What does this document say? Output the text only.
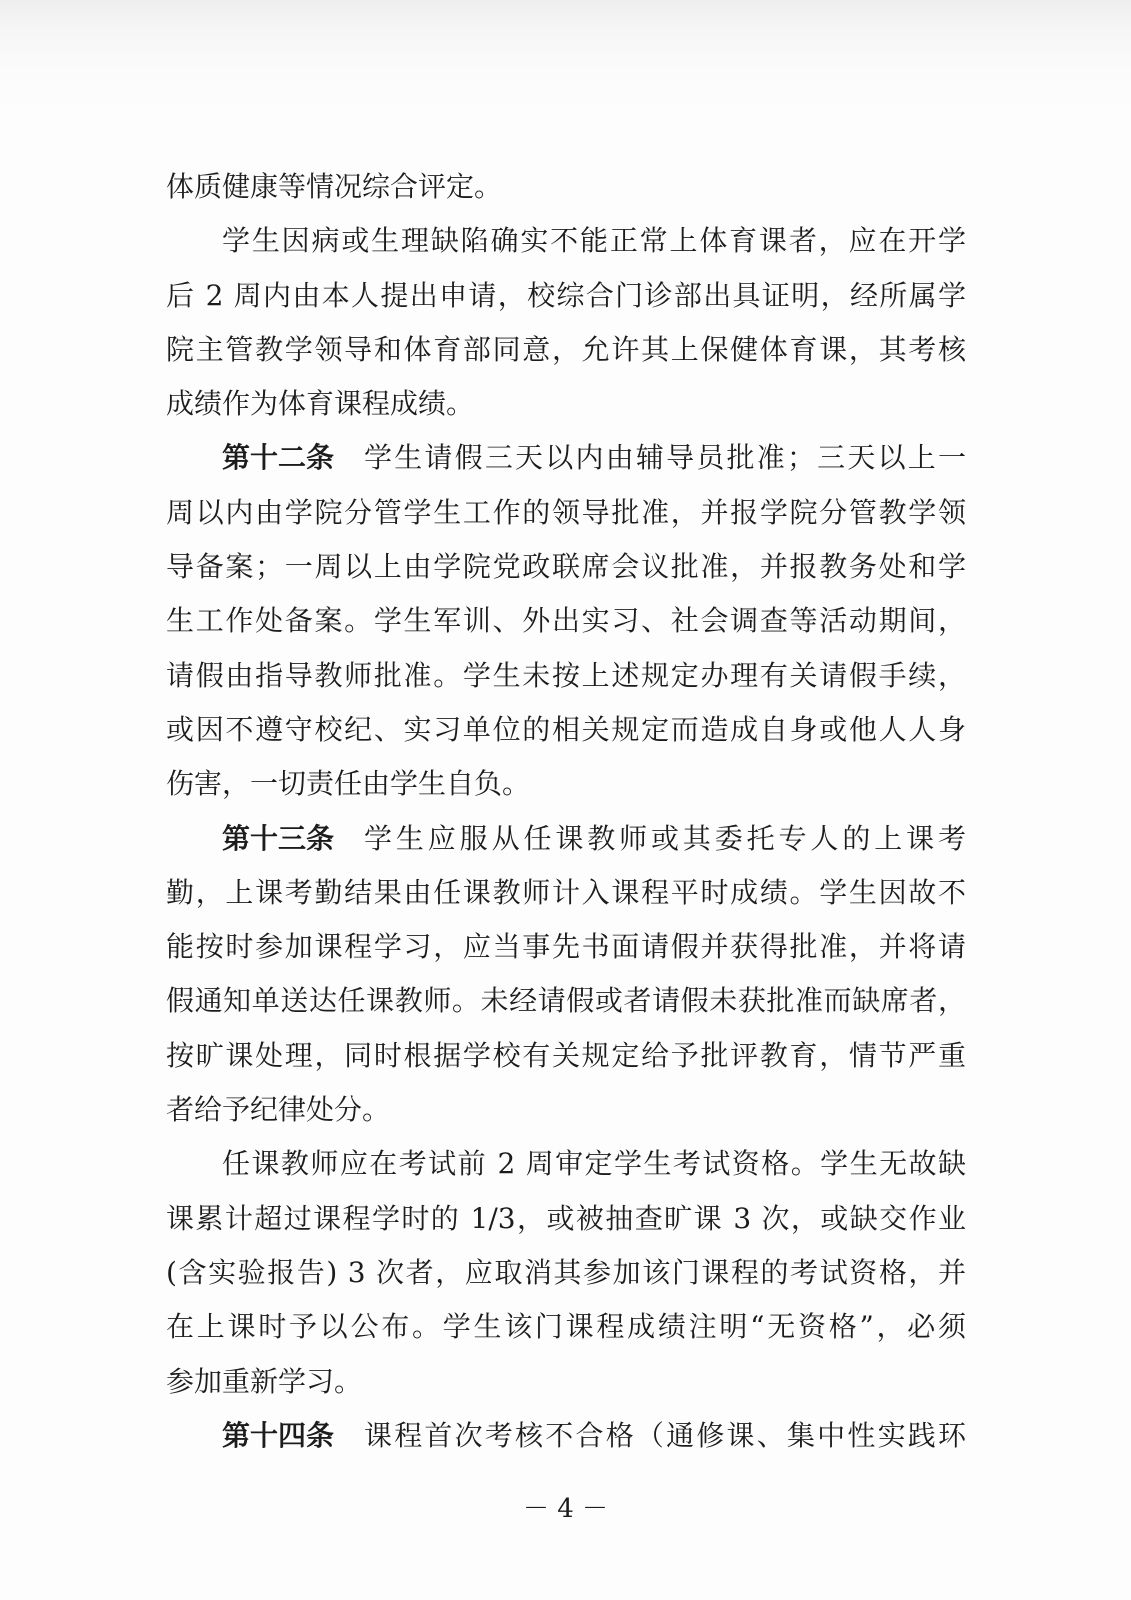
体质健康等情况综合评定。
学生因病或生理缺陷确实不能正常上体育课者，应在开学
后 2 周内由本人提出申请，校综合门诊部出具证明，经所属学
院主管教学领导和体育部同意，允许其上保健体育课，其考核
成绩作为体育课程成绩。
第十二条 学生请假三天以内由辅导员批准；三天以上一
周以内由学院分管学生工作的领导批准，并报学院分管教学领
导备案；一周以上由学院党政联席会议批准，并报教务处和学
生工作处备案。学生军训、外出实习、社会调查等活动期间，
请假由指导教师批准。学生未按上述规定办理有关请假手续，
或因不遵守校纪、实习单位的相关规定而造成自身或他人人身
伤害，一切责任由学生自负。
第十三条 学生应服从任课教师或其委托专人的上课考
勤，上课考勤结果由任课教师计入课程平时成绩。学生因故不
能按时参加课程学习，应当事先书面请假并获得批准，并将请
假通知单送达任课教师。未经请假或者请假未获批准而缺席者，
按旷课处理，同时根据学校有关规定给予批评教育，情节严重
者给予纪律处分。
任课教师应在考试前 2 周审定学生考试资格。学生无故缺
课累计超过课程学时的 1/3，或被抽查旷课 3 次，或缺交作业
(含实验报告) 3 次者，应取消其参加该门课程的考试资格，并
在上课时予以公布。学生该门课程成绩注明“无资格”，必须
参加重新学习。
第十四条 课程首次考核不合格（通修课、集中性实践环
－ 4 －
